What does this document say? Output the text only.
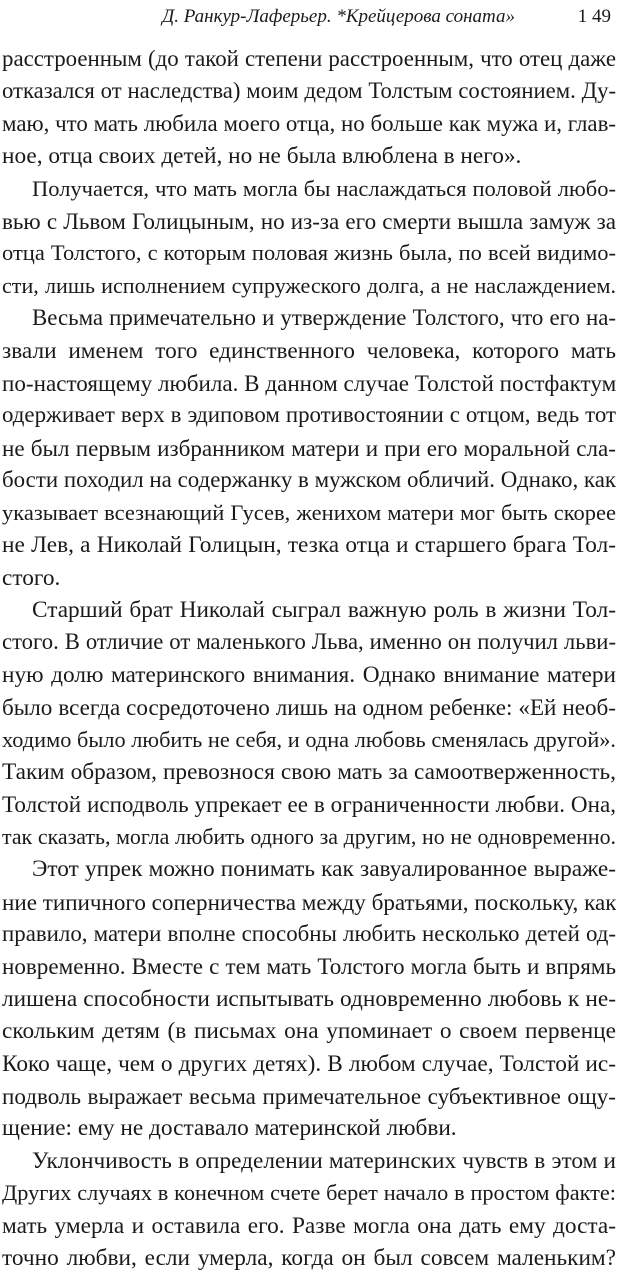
Д. Ранкур-Лаферьер. *Крейцерова соната»	1 49

расстроенным (до такой степени расстроенным, что отец даже
отказался от наследства) моим дедом Толстым состоянием. Ду-
маю, что мать любила моего отца, но больше как мужа и, глав-
ное, отца своих детей, но не была влюблена в него».

Получается, что мать могла бы наслаждаться половой любо-
вью с Львом Голицыным, но из-за его смерти вышла замуж за
отца Толстого, с которым половая жизнь была, по всей видимо-
сти, лишь исполнением супружеского долга, а не наслаждением.

Весьма примечательно и утверждение Толстого, что его на-
звали именем того единственного человека, которого мать
по-настоящему любила. В данном случае Толстой постфактум
одерживает верх в эдиповом противостоянии с отцом, ведь тот
не был первым избранником матери и при его моральной сла-
бости походил на содержанку в мужском обличий. Однако, как
указывает всезнающий Гусев, женихом матери мог быть скорее
не Лев, а Николай Голицын, тезка отца и старшего брага Тол-
стого.

Старший брат Николай сыграл важную роль в жизни Тол-
стого. В отличие от маленького Льва, именно он получил льви-
ную долю материнского внимания. Однако внимание матери
было всегда сосредоточено лишь на одном ребенке: «Ей необ-
ходимо было любить не себя, и одна любовь сменялась другой».
Таким образом, превознося свою мать за самоотверженность,
Толстой исподволь упрекает ее в ограниченности любви. Она,
так сказать, могла любить одного за другим, но не одновременно.

Этот упрек можно понимать как завуалированное выраже-
ние типичного соперничества между братьями, поскольку, как
правило, матери вполне способны любить несколько детей од-
новременно. Вместе с тем мать Толстого могла быть и впрямь
лишена способности испытывать одновременно любовь к не-
скольким детям (в письмах она упоминает о своем первенце
Коко чаще, чем о других детях). В любом случае, Толстой ис-
подволь выражает весьма примечательное субъективное ощу-
щение: ему не доставало материнской любви.

Уклончивость в определении материнских чувств в этом и
Других случаях в конечном счете берет начало в простом факте:
мать умерла и оставила его. Разве могла она дать ему доста-
точно любви, если умерла, когда он был совсем маленьким?
